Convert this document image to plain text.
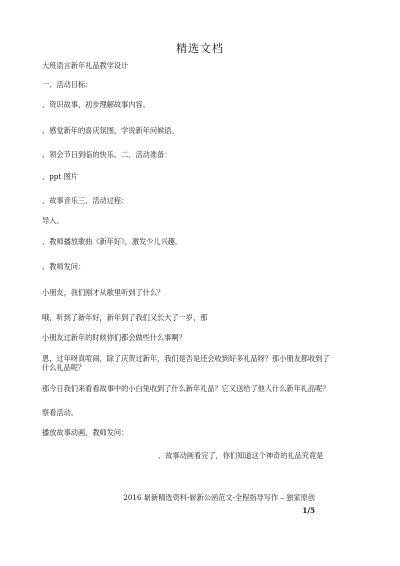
精选文档
大班语言新年礼品教学设计
一、活动目标：
、资识故事，初步理解故事内容。
、感觉新年的喜庆氛围，学说新年问候语。
、领会节日到临的快乐。二、活动准备：
、ppt 图片
、故事音乐三、活动过程：
导入。
、教师播放歌曲《新年好》，激发少儿兴趣。
、教师发问：
小朋友，我们刚才从歌里听到了什么？
哦，听到了新年好，新年到了我们又长大了一岁、那
小朋友过新年的时候你们都会做些什么事啊？
恩，过年呀真喧闹，除了庆贺过新年，我们是否是还会收到好多礼品呀？那小朋友都收到了什么礼品呢？
那今日我们来看看故事中的小白兔收到了什么新年礼品？它又送给了他人什么新年礼品呢？
察看活动。
播放故事动画，教师发问：
、故事动画看完了，你们知道这个神奇的礼品究竟是
2016 崭新精选资料-崭新公函范文-全程指导写作 – 独家原创
1/5
